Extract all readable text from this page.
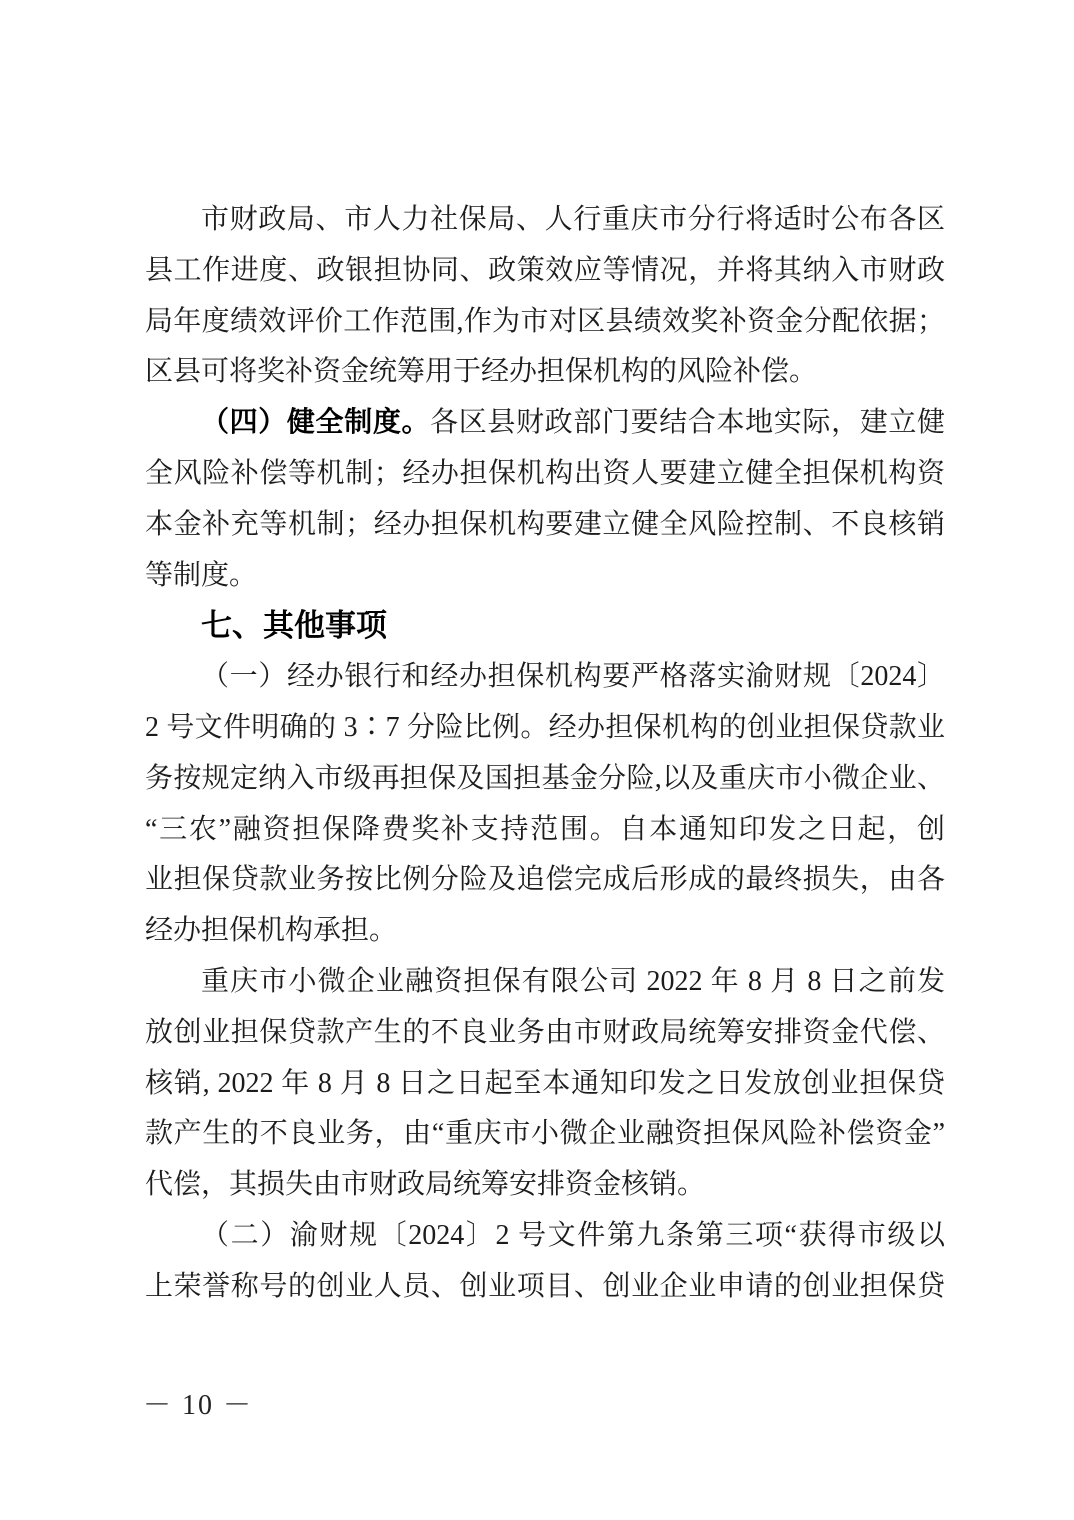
市财政局、市人力社保局、人行重庆市分行将适时公布各区
县工作进度、政银担协同、政策效应等情况，并将其纳入市财政
局年度绩效评价工作范围,作为市对区县绩效奖补资金分配依据；
区县可将奖补资金统筹用于经办担保机构的风险补偿。
（四）健全制度。各区县财政部门要结合本地实际，建立健
全风险补偿等机制；经办担保机构出资人要建立健全担保机构资
本金补充等机制；经办担保机构要建立健全风险控制、不良核销
等制度。
七、其他事项
（一）经办银行和经办担保机构要严格落实渝财规〔2024〕
2 号文件明确的 3∶7 分险比例。经办担保机构的创业担保贷款业
务按规定纳入市级再担保及国担基金分险,以及重庆市小微企业、
“三农”融资担保降费奖补支持范围。自本通知印发之日起，创
业担保贷款业务按比例分险及追偿完成后形成的最终损失，由各
经办担保机构承担。
重庆市小微企业融资担保有限公司 2022 年 8 月 8 日之前发
放创业担保贷款产生的不良业务由市财政局统筹安排资金代偿、
核销, 2022 年 8 月 8 日之日起至本通知印发之日发放创业担保贷
款产生的不良业务，由“重庆市小微企业融资担保风险补偿资金”
代偿，其损失由市财政局统筹安排资金核销。
（二）渝财规〔2024〕2 号文件第九条第三项“获得市级以
上荣誉称号的创业人员、创业项目、创业企业申请的创业担保贷
－ 10 －
